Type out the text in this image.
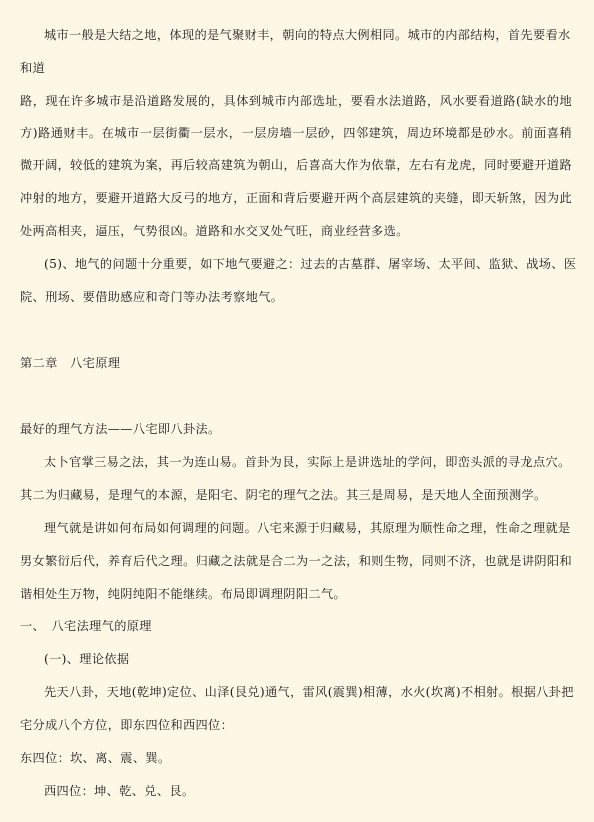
城市一般是大结之地，体现的是气聚财丰，朝向的特点大例相同。城市的内部结构，首先要看水
和道
路，现在许多城市是沿道路发展的，具体到城市内部选址，要看水法道路，风水要看道路(缺水的地
方)路通财丰。在城市一层街衢一层水，一层房墙一层砂，四邻建筑，周边环境都是砂水。前面喜稍
微开阔，较低的建筑为案，再后较高建筑为朝山，后喜高大作为依靠，左右有龙虎，同时要避开道路
冲射的地方，要避开道路大反弓的地方，正面和背后要避开两个高层建筑的夹缝，即天斩煞，因为此
处两高相夹，逼压，气势很凶。道路和水交叉处气旺，商业经营多选。
(5)、地气的问题十分重要，如下地气要避之：过去的古墓群、屠宰场、太平间、监狱、战场、医
院、刑场、要借助感应和奇门等办法考察地气。
第二章　八宅原理
最好的理气方法——八宅即八卦法。
太卜官掌三易之法，其一为连山易。首卦为艮，实际上是讲选址的学问，即峦头派的寻龙点穴。
其二为归藏易，是理气的本源，是阳宅、阴宅的理气之法。其三是周易，是天地人全面预测学。
理气就是讲如何布局如何调理的问题。八宅来源于归藏易，其原理为顺性命之理，性命之理就是
男女繁衍后代，养育后代之理。归藏之法就是合二为一之法，和则生物，同则不济，也就是讲阴阳和
谐相处生万物，纯阴纯阳不能继续。布局即调理阴阳二气。
一、　八宅法理气的原理
(一)、理论依据
先天八卦，天地(乾坤)定位、山泽(艮兑)通气，雷风(震巽)相薄，水火(坎离)不相射。根据八卦把
宅分成八个方位，即东四位和西四位：
东四位：坎、离、震、巽。
西四位：坤、乾、兑、艮。
